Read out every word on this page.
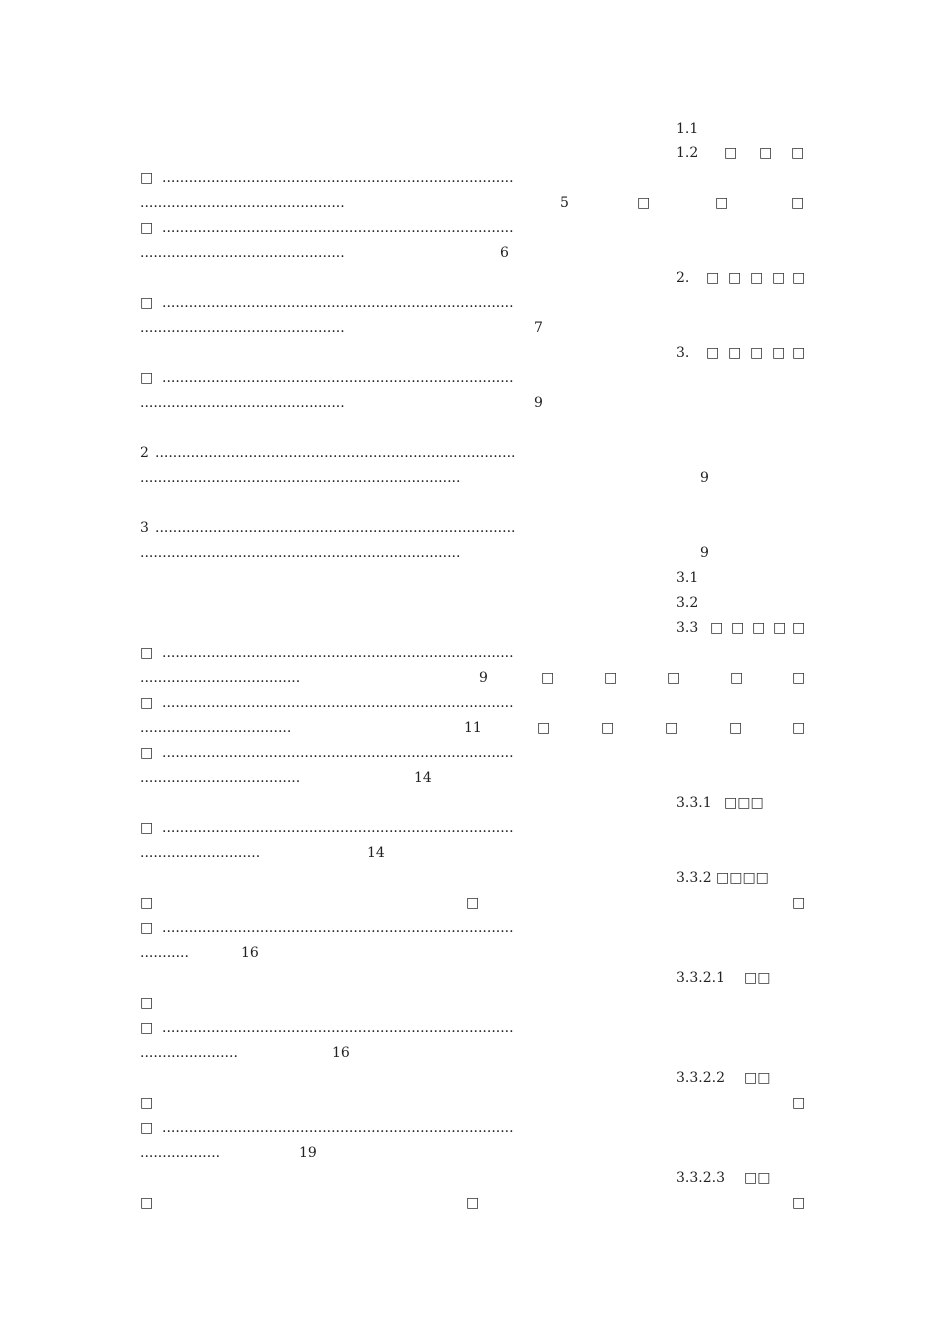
1.1
1.2 □ □ □
□ ...............................................................................
..............................................	5	□	□	□
□ ...............................................................................
..............................................	6
2. □ □ □ □ □
□ ...............................................................................
..............................................	7
3. □ □ □ □ □
□ ...............................................................................
..............................................	9
2 .................................................................................
........................................................................	9
3 .................................................................................
........................................................................	9
3.1
3.2
3.3 □ □ □ □ □
□ ...............................................................................
....................................	9	□	□	□	□	□
□ ...............................................................................
..................................	11	□	□	□	□	□
□ ...............................................................................
....................................	14
3.3.1 □□□
□ ...............................................................................
...........................	14
3.3.2 □□□□
□	□	□
□ ...............................................................................
...........	16
3.3.2.1 □□
□
□ ...............................................................................
......................	16
3.3.2.2 □□
□	□
□ ...............................................................................
..................	19
3.3.2.3 □□
□	□	□
